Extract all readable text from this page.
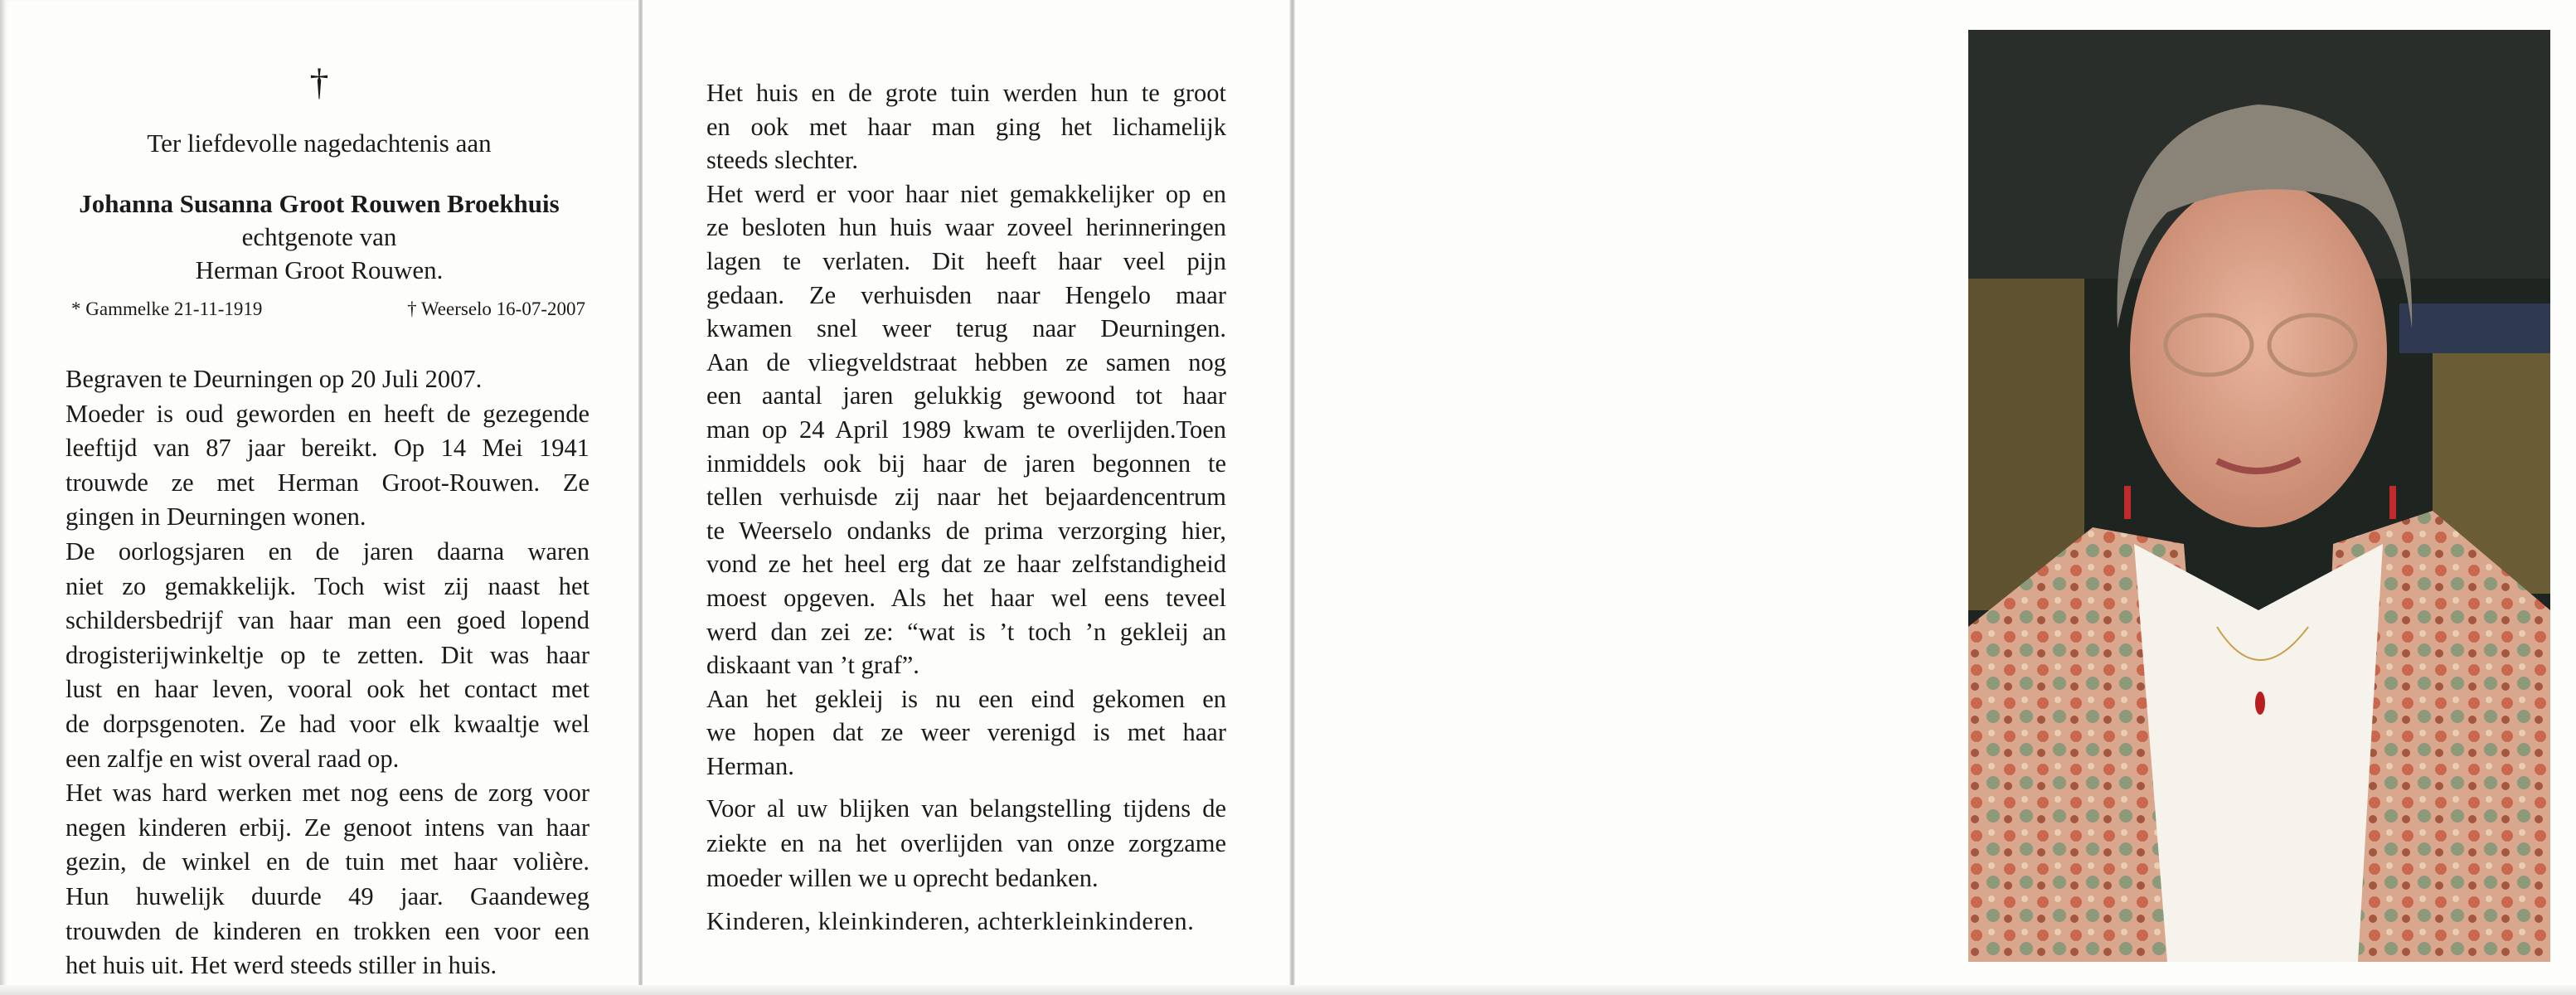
†
Ter liefdevolle nagedachtenis aan
Johanna Susanna Groot Rouwen Broekhuis
echtgenote van
Herman Groot Rouwen.
* Gammelke 21-11-1919	† Weerselo 16-07-2007
Begraven te Deurningen op 20 Juli 2007.
Moeder is oud geworden en heeft de gezegende
leeftijd van 87 jaar bereikt. Op 14 Mei 1941
trouwde ze met Herman Groot-Rouwen. Ze
gingen in Deurningen wonen.
De oorlogsjaren en de jaren daarna waren
niet zo gemakkelijk. Toch wist zij naast het
schildersbedrijf van haar man een goed lopend
drogisterijwinkeltje op te zetten. Dit was haar
lust en haar leven, vooral ook het contact met
de dorpsgenoten. Ze had voor elk kwaaltje wel
een zalfje en wist overal raad op.
Het was hard werken met nog eens de zorg voor
negen kinderen erbij. Ze genoot intens van haar
gezin, de winkel en de tuin met haar volière.
Hun huwelijk duurde 49 jaar. Gaandeweg
trouwden de kinderen en trokken een voor een
het huis uit. Het werd steeds stiller in huis.
Het huis en de grote tuin werden hun te groot
en ook met haar man ging het lichamelijk
steeds slechter.
Het werd er voor haar niet gemakkelijker op en
ze besloten hun huis waar zoveel herinneringen
lagen te verlaten. Dit heeft haar veel pijn
gedaan. Ze verhuisden naar Hengelo maar
kwamen snel weer terug naar Deurningen.
Aan de vliegveldstraat hebben ze samen nog
een aantal jaren gelukkig gewoond tot haar
man op 24 April 1989 kwam te overlijden.Toen
inmiddels ook bij haar de jaren begonnen te
tellen verhuisde zij naar het bejaardencentrum
te Weerselo ondanks de prima verzorging hier,
vond ze het heel erg dat ze haar zelfstandigheid
moest opgeven. Als het haar wel eens teveel
werd dan zei ze: “wat is ’t toch ’n gekleij an
diskaant van ’t graf”.
Aan het gekleij is nu een eind gekomen en
we hopen dat ze weer verenigd is met haar
Herman.
Voor al uw blijken van belangstelling tijdens de
ziekte en na het overlijden van onze zorgzame
moeder willen we u oprecht bedanken.
Kinderen, kleinkinderen, achterkleinkinderen.
